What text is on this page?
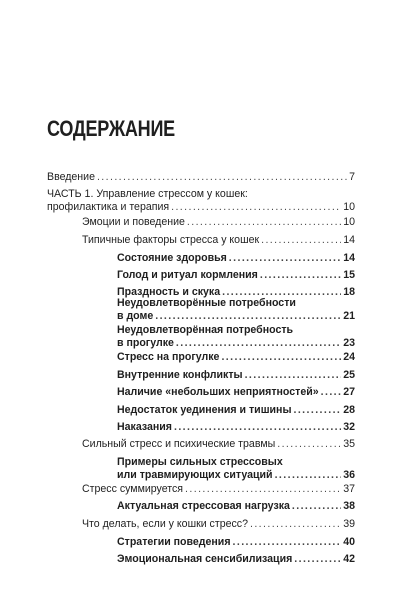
СОДЕРЖАНИЕ
Введение .....	7
ЧАСТЬ 1. Управление стрессом у кошек:
профилактика и терапия .....	10
Эмоции и поведение .....	10
Типичные факторы стресса у кошек .....	14
Состояние здоровья .....	14
Голод и ритуал кормления .....	15
Праздность и скука .....	18
Неудовлетворённые потребности
в доме .....	21
Неудовлетворённая потребность
в прогулке .....	23
Стресс на прогулке .....	24
Внутренние конфликты .....	25
Наличие «небольших неприятностей» ..... 27
Недостаток уединения и тишины .....	28
Наказания .....	32
Сильный стресс и психические травмы .....	35
Примеры сильных стрессовых
или травмирующих ситуаций .....	36
Стресс суммируется .....	37
Актуальная стрессовая нагрузка .....	38
Что делать, если у кошки стресс? .....	39
Стратегии поведения .....	40
Эмоциональная сенсибилизация .....	42
